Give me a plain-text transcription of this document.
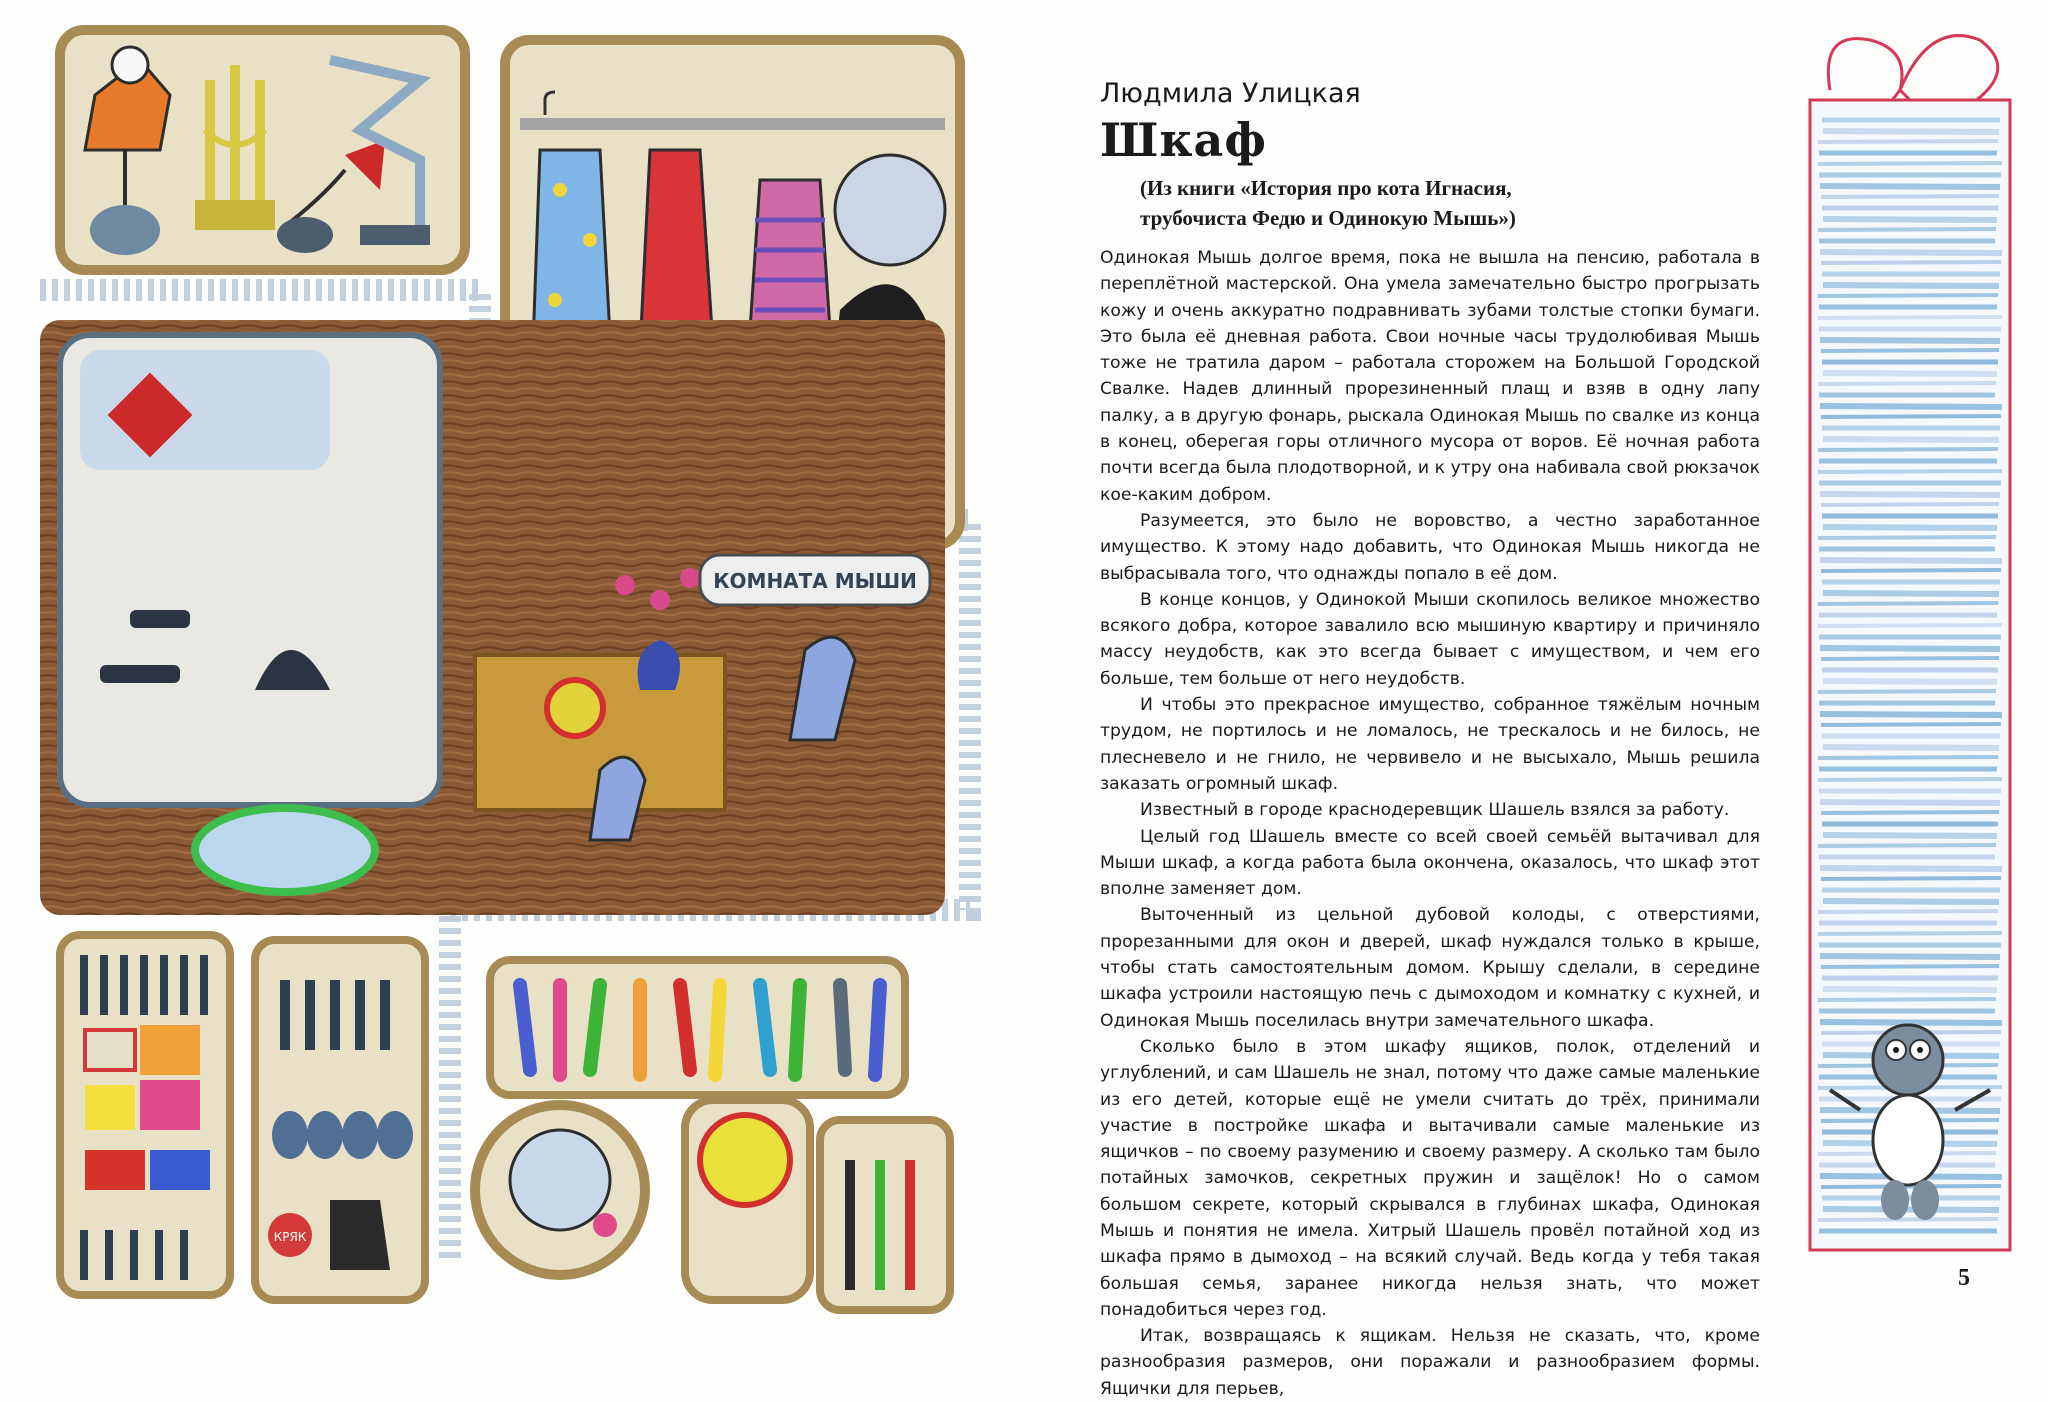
КОМНАТА МЫШИ
КРЯК
Людмила Улицкая
Шкаф
(Из книги «История про кота Игнасия,
трубочиста Федю и Одинокую Мышь»)

Одинокая Мышь долгое время, пока не вышла на пенсию, работала в переплётной мастерской. Она умела замечательно быстро прогрызать кожу и очень аккуратно подравнивать зубами толстые стопки бумаги. Это была её дневная работа. Свои ночные часы трудолюбивая Мышь тоже не тратила даром – работала сторожем на Большой Городской Свалке. Надев длинный прорезиненный плащ и взяв в одну лапу палку, а в другую фонарь, рыскала Одинокая Мышь по свалке из конца в конец, оберегая горы отличного мусора от воров. Её ночная работа почти всегда была плодотворной, и к утру она набивала свой рюкзачок кое-каким добром.

Разумеется, это было не воровство, а честно заработанное имущество. К этому надо добавить, что Одинокая Мышь никогда не выбрасывала того, что однажды попало в её дом.

В конце концов, у Одинокой Мыши скопилось великое множество всякого добра, которое завалило всю мышиную квартиру и причиняло массу неудобств, как это всегда бывает с имуществом, и чем его больше, тем больше от него неудобств.

И чтобы это прекрасное имущество, собранное тяжёлым ночным трудом, не портилось и не ломалось, не трескалось и не билось, не плесневело и не гнило, не червивело и не высыхало, Мышь решила заказать огромный шкаф.

Известный в городе краснодеревщик Шашель взялся за работу.

Целый год Шашель вместе со всей своей семьёй вытачивал для Мыши шкаф, а когда работа была окончена, оказалось, что шкаф этот вполне заменяет дом.

Выточенный из цельной дубовой колоды, с отверстиями, прорезанными для окон и дверей, шкаф нуждался только в крыше, чтобы стать самостоятельным домом. Крышу сделали, в середине шкафа устроили настоящую печь с дымоходом и комнатку с кухней, и Одинокая Мышь поселилась внутри замечательного шкафа.

Сколько было в этом шкафу ящиков, полок, отделений и углублений, и сам Шашель не знал, потому что даже самые маленькие из его детей, которые ещё не умели считать до трёх, принимали участие в постройке шкафа и вытачивали самые маленькие из ящичков – по своему разумению и своему размеру. А сколько там было потайных замочков, секретных пружин и защёлок! Но о самом большом секрете, который скрывался в глубинах шкафа, Одинокая Мышь и понятия не имела. Хитрый Шашель провёл потайной ход из шкафа прямо в дымоход – на всякий случай. Ведь когда у тебя такая большая семья, заранее никогда нельзя знать, что может понадобиться через год.

Итак, возвращаясь к ящикам. Нельзя не сказать, что, кроме разнообразия размеров, они поражали и разнообразием формы. Ящички для перьев,

5
